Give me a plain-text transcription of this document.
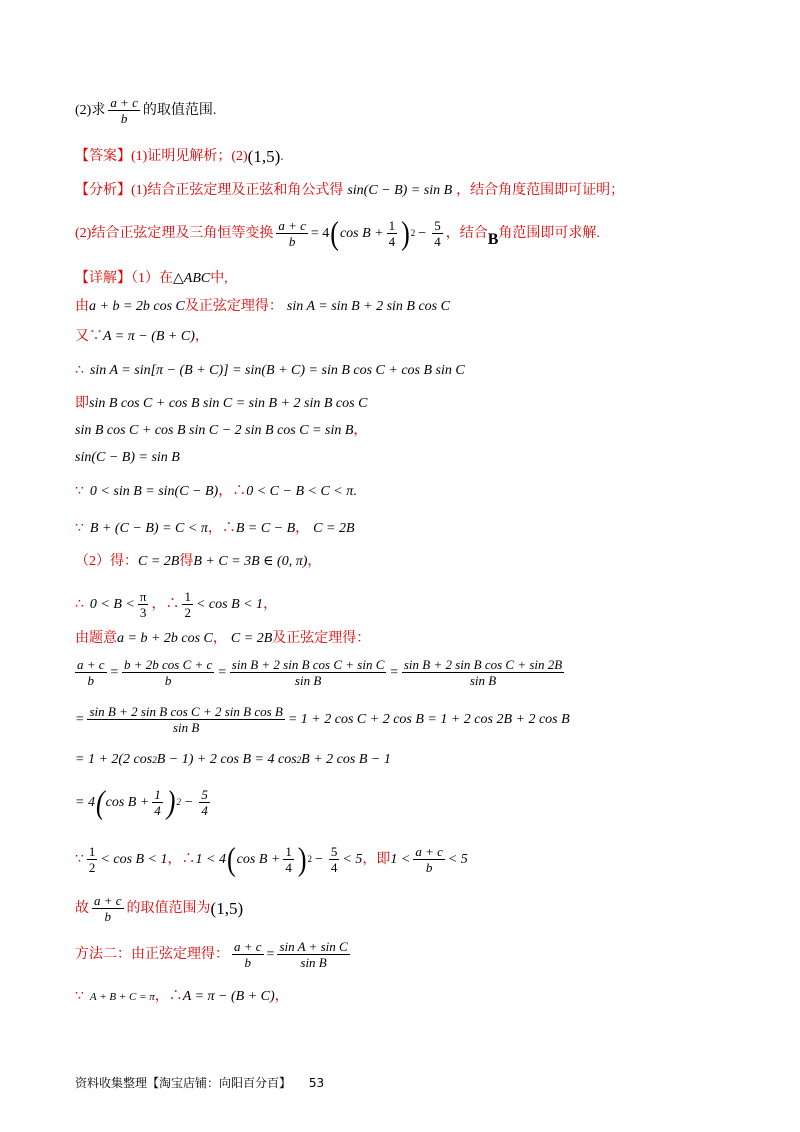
(2)求 $\frac{a + c}{b}$ 的取值范围.
【答案】(1)证明见解析；(2) (1,5) .
【分析】(1)结合正弦定理及正弦和角公式得 sin(C − B) = sin B ，结合角度范围即可证明；
(2)结合正弦定理及三角恒等变换 $\frac{a + c}{b} = 4$ ( $\cos B + \frac{1}{4}$ ) $2 - \frac{5}{4}$ ，结合 B 角范围即可求解.
【详解】（1）在 △ABC 中,
由 a + b = 2b cos C 及正弦定理得： sin A = sin B + 2 sin B cos C
又∵ A = π − (B + C) ，
∴ sin A = sin[π − (B + C)] = sin(B + C) = sin B cos C + cos B sin C
即 sin B cos C + cos B sin C = sin B + 2 sin B cos C
sin B cos C + cos B sin C − 2 sin B cos C = sin B ，
sin(C − B) = sin B
∵ 0 < sin B = sin(C − B) ，∴ 0 < C − B < C < π .
∵ B + (C − B) = C < π ，∴ B = C − B ， C = 2B
（2）得： C = 2B 得 B + C = 3B ∈ (0, π) ，
∴ $0 < B < \frac{\pi}{3}$ ，∴ $\frac{1}{2} < \cos B < 1$ ，
由题意 a = b + 2b cos C ， C = 2B 及正弦定理得：
$\frac{a + c}{b} = \frac{\text{b + 2b cos C + c}}{b} = \frac{\text{sin B + 2 sin B cos C + sin C}}{\text{sin B}} = \frac{\text{sin B + 2 sin B cos C + sin 2B}}{\text{sin B}}$
= $\frac{\text{sin B + 2 sin B cos C + 2 sin B cos B}}{\text{sin B}} = 1 + 2$ cos C + 2 cos B = 1 + 2 cos 2B + 2 cos B
= 1 + 2(2 cos 2 B − 1) + 2 cos B = 4 cos 2 B + 2 cos B − 1
= 4 ( $\cos B + \frac{1}{4}$ ) $2 - \frac{5}{4}$
∵ $\frac{1}{2} < \cos B < 1$ ，∴ 1 < 4 ( $\cos B + \frac{1}{4}$ ) $2 - \frac{5}{4} < 5$ ，即 $1 < \frac{a + c}{b} < 5$
故 $\frac{a + c}{b}$ 的取值范围为 (1,5)
方法二：由正弦定理得： $\frac{a + c}{b} = \frac{\text{sin A + sin C}}{\text{sin B}}$
∵ A + B + C = π ，∴ A = π − (B + C) ，
资料收集整理【淘宝店铺：向阳百分百】 53
